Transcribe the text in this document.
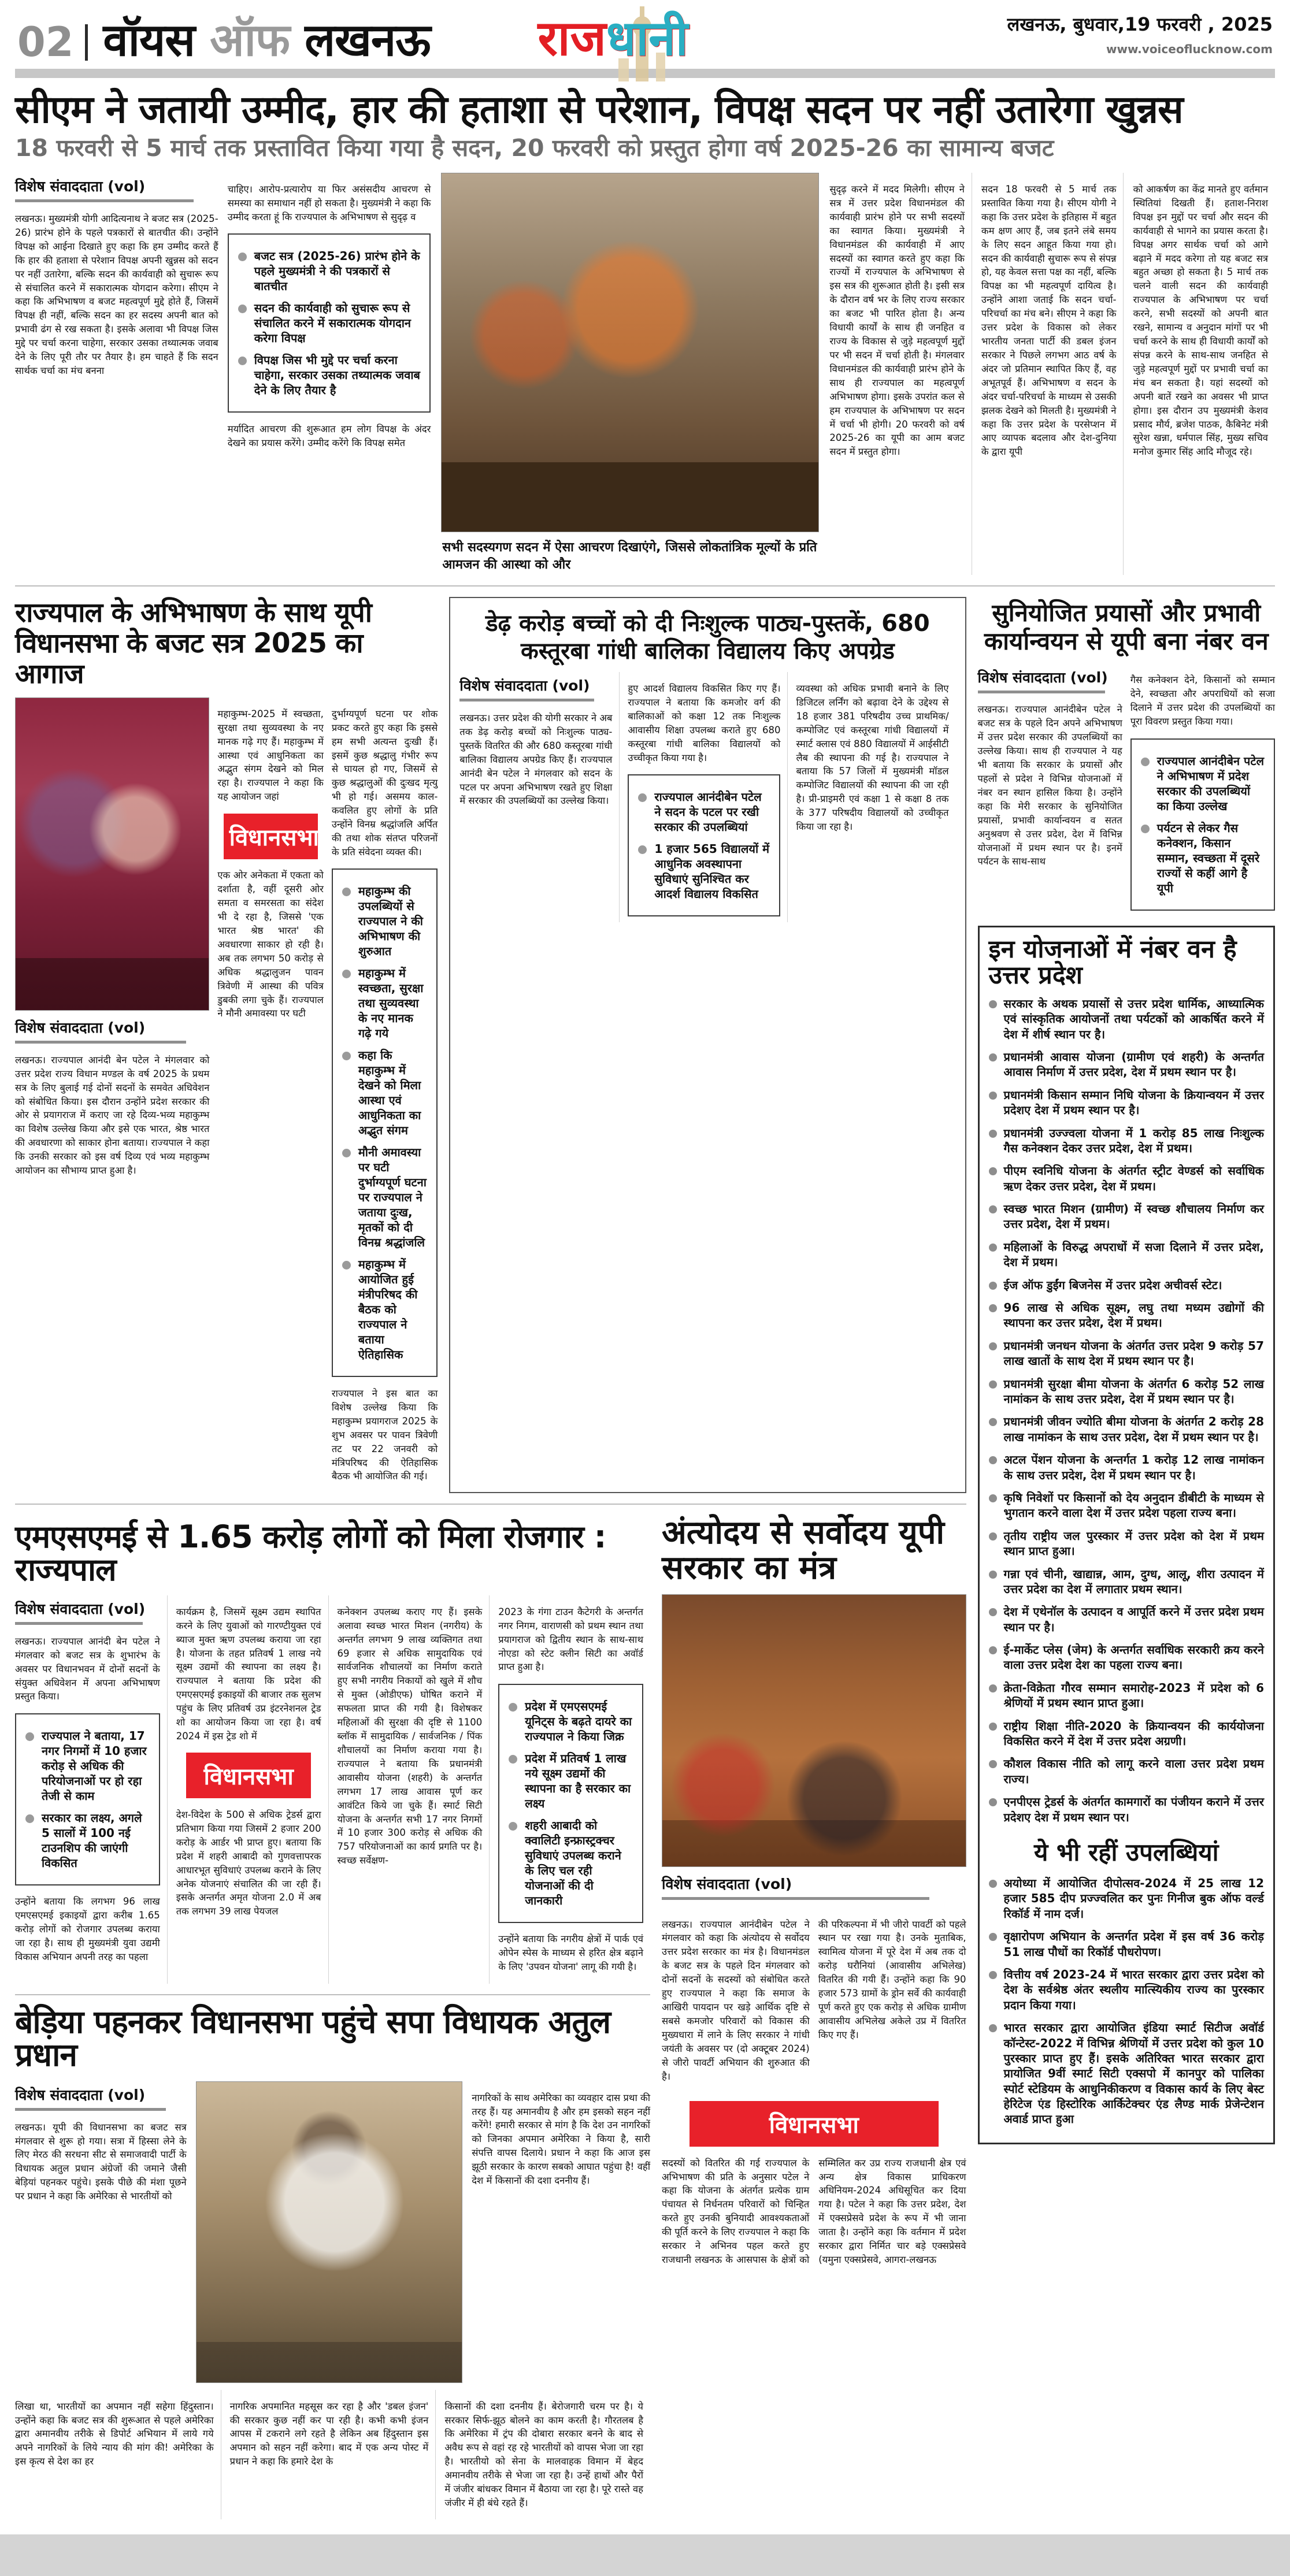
02 वॉयस ऑफ लखनऊ राजधानी	लखनऊ, बुधवार,19 फरवरी , 2025
www.voiceoflucknow.com
सीएम ने जतायी उम्मीद, हार की हताशा से परेशान, विपक्ष सदन पर नहीं उतारेगा खुन्नस
18 फरवरी से 5 मार्च तक प्रस्तावित किया गया है सदन, 20 फरवरी को प्रस्तुत होगा वर्ष 2025-26 का सामान्य बजट
विशेष संवाददाता (vol)

लखनऊ। मुख्यमंत्री योगी आदित्यनाथ ने बजट सत्र (2025-26) प्रारंभ होने के पहले पत्रकारों से बातचीत की। उन्होंने विपक्ष को आईना दिखाते हुए कहा कि हम उम्मीद करते हैं कि हार की हताशा से परेशान विपक्ष अपनी खुन्नस को सदन पर नहीं उतारेगा, बल्कि सदन की कार्यवाही को सुचारू रूप से संचालित करने में सकारात्मक योगदान करेगा। सीएम ने कहा कि अभिभाषण व बजट महत्वपूर्ण मुद्दे होते हैं, जिसमें विपक्ष ही नहीं, बल्कि सदन का हर सदस्य अपनी बात को प्रभावी ढंग से रख सकता है। इसके अलावा भी विपक्ष जिस मुद्दे पर चर्चा करना चाहेगा, सरकार उसका तथ्यात्मक जवाब देने के लिए पूरी तौर पर तैयार है। हम चाहते हैं कि सदन सार्थक चर्चा का मंच बनना

चाहिए। आरोप-प्रत्यारोप या फिर असंसदीय आचरण से समस्या का समाधान नहीं हो सकता है। मुख्यमंत्री ने कहा कि उम्मीद करता हूं कि राज्यपाल के अभिभाषण से सुदृढ़ व

बजट सत्र (2025-26) प्रारंभ होने के पहले मुख्यमंत्री ने की पत्रकारों से बातचीत
सदन की कार्यवाही को सुचारू रूप से संचालित करने में सकारात्मक योगदान करेगा विपक्ष
विपक्ष जिस भी मुद्दे पर चर्चा करना चाहेगा, सरकार उसका तथ्यात्मक जवाब देने के लिए तैयार है

मर्यादित आचरण की शुरूआत हम लोग विपक्ष के अंदर देखने का प्रयास करेंगे। उम्मीद करेंगे कि विपक्ष समेत

सभी सदस्यगण सदन में ऐसा आचरण दिखाएंगे, जिससे लोकतांत्रिक मूल्यों के प्रति आमजन की आस्था को और

सुदृढ़ करने में मदद मिलेगी। सीएम ने सत्र में उत्तर प्रदेश विधानमंडल की कार्यवाही प्रारंभ होने पर सभी सदस्यों का स्वागत किया। मुख्यमंत्री ने विधानमंडल की कार्यवाही में आए सदस्यों का स्वागत करते हुए कहा कि राज्यों में राज्यपाल के अभिभाषण से इस सत्र की शुरूआत होती है। इसी सत्र के दौरान वर्ष भर के लिए राज्य सरकार का बजट भी पारित होता है। अन्य विधायी कार्यों के साथ ही जनहित व राज्य के विकास से जुड़े महत्वपूर्ण मुद्दों पर भी सदन में चर्चा होती है। मंगलवार विधानमंडल की कार्यवाही प्रारंभ होने के साथ ही राज्यपाल का महत्वपूर्ण अभिभाषण होगा। इसके उपरांत कल से हम राज्यपाल के अभिभाषण पर सदन में चर्चा भी होगी। 20 फरवरी को वर्ष 2025-26 का यूपी का आम बजट सदन में प्रस्तुत होगा।

सदन 18 फरवरी से 5 मार्च तक प्रस्तावित किया गया है। सीएम योगी ने कहा कि उत्तर प्रदेश के इतिहास में बहुत कम क्षण आए हैं, जब इतने लंबे समय के लिए सदन आहूत किया गया हो। सदन की कार्यवाही सुचारू रूप से संपन्न हो, यह केवल सत्ता पक्ष का नहीं, बल्कि विपक्ष का भी महत्वपूर्ण दायित्व है। उन्होंने आशा जताई कि सदन चर्चा-परिचर्चा का मंच बने। सीएम ने कहा कि उत्तर प्रदेश के विकास को लेकर भारतीय जनता पार्टी की डबल इंजन सरकार ने पिछले लगभग आठ वर्ष के अंदर जो प्रतिमान स्थापित किए हैं, वह अभूतपूर्व हैं। अभिभाषण व सदन के अंदर चर्चा-परिचर्चा के माध्यम से उसकी झलक देखने को मिलती है। मुख्यमंत्री ने कहा कि उत्तर प्रदेश के परसेप्शन में आए व्यापक बदलाव और देश-दुनिया के द्वारा यूपी

को आकर्षण का केंद्र मानते हुए वर्तमान स्थितियां दिखती हैं। हताश-निराश विपक्ष इन मुद्दों पर चर्चा और सदन की कार्यवाही से भागने का प्रयास करता है। विपक्ष अगर सार्थक चर्चा को आगे बढ़ाने में मदद करेगा तो यह बजट सत्र बहुत अच्छा हो सकता है। 5 मार्च तक चलने वाली सदन की कार्यवाही राज्यपाल के अभिभाषण पर चर्चा करने, सभी सदस्यों को अपनी बात रखने, सामान्य व अनुदान मांगों पर भी चर्चा करने के साथ ही विधायी कार्यों को संपन्न करने के साथ-साथ जनहित से जुड़े महत्वपूर्ण मुद्दों पर प्रभावी चर्चा का मंच बन सकता है। यहां सदस्यों को अपनी बातें रखने का अवसर भी प्राप्त होगा। इस दौरान उप मुख्यमंत्री केशव प्रसाद मौर्य, ब्रजेश पाठक, कैबिनेट मंत्री सुरेश खन्ना, धर्मपाल सिंह, मुख्य सचिव मनोज कुमार सिंह आदि मौजूद रहे।

राज्यपाल के अभिभाषण के साथ यूपी विधानसभा के बजट सत्र 2025 का आगाज
विशेष संवाददाता (vol)

लखनऊ। राज्यपाल आनंदी बेन पटेल ने मंगलवार को उत्तर प्रदेश राज्य विधान मण्डल के वर्ष 2025 के प्रथम सत्र के लिए बुलाई गई दोनों सदनों के समवेत अधिवेशन को संबोधित किया। इस दौरान उन्होंने प्रदेश सरकार की ओर से प्रयागराज में कराए जा रहे दिव्य-भव्य महाकुम्भ का विशेष उल्लेख किया और इसे एक भारत, श्रेष्ठ भारत की अवधारणा को साकार होना बताया। राज्यपाल ने कहा कि उनकी सरकार को इस वर्ष दिव्य एवं भव्य महाकुम्भ आयोजन का सौभाग्य प्राप्त हुआ है।

महाकुम्भ-2025 में स्वच्छता, सुरक्षा तथा सुव्यवस्था के नए मानक गढ़े गए हैं। महाकुम्भ में आस्था एवं आधुनिकता का अद्भुत संगम देखने को मिल रहा है। राज्यपाल ने कहा कि यह आयोजन जहां

विधानसभा

एक ओर अनेकता में एकता को दर्शाता है, वहीं दूसरी ओर समता व समरसता का संदेश भी दे रहा है, जिससे 'एक भारत श्रेष्ठ भारत' की अवधारणा साकार हो रही है। अब तक लगभग 50 करोड़ से अधिक श्रद्धालुजन पावन त्रिवेणी में आस्था की पवित्र डुबकी लगा चुके हैं। राज्यपाल ने मौनी अमावस्या पर घटी

दुर्भाग्यपूर्ण घटना पर शोक प्रकट करते हुए कहा कि इससे हम सभी अत्यन्त दुःखी हैं। इसमें कुछ श्रद्धालु गंभीर रूप से घायल हो गए, जिसमें से कुछ श्रद्धालुओं की दुःखद मृत्यु भी हो गई। असमय काल-कवलित हुए लोगों के प्रति उन्होंने विनम्र श्रद्धांजलि अर्पित की तथा शोक संतप्त परिजनों के प्रति संवेदना व्यक्त की।

महाकुम्भ की उपलब्धियों से राज्यपाल ने की अभिभाषण की शुरुआत
महाकुम्भ में स्वच्छता, सुरक्षा तथा सुव्यवस्था के नए मानक गढ़े गये
कहा कि महाकुम्भ में देखने को मिला आस्था एवं आधुनिकता का अद्भुत संगम
मौनी अमावस्या पर घटी दुर्भाग्यपूर्ण घटना पर राज्यपाल ने जताया दुःख, मृतकों को दी विनम्र श्रद्धांजलि
महाकुम्भ में आयोजित हुई मंत्रीपरिषद की बैठक को राज्यपाल ने बताया ऐतिहासिक

राज्यपाल ने इस बात का विशेष उल्लेख किया कि महाकुम्भ प्रयागराज 2025 के शुभ अवसर पर पावन त्रिवेणी तट पर 22 जनवरी को मंत्रिपरिषद की ऐतिहासिक बैठक भी आयोजित की गई।

डेढ़ करोड़ बच्चों को दी निःशुल्क पाठ्य-पुस्तकें, 680 कस्तूरबा गांधी बालिका विद्यालय किए अपग्रेड
विशेष संवाददाता (vol)

लखनऊ। उत्तर प्रदेश की योगी सरकार ने अब तक डेढ़ करोड़ बच्चों को निःशुल्क पाठ्य-पुस्तकें वितरित की और 680 कस्तूरबा गांधी बालिका विद्यालय अपग्रेड किए हैं। राज्यपाल आनंदी बेन पटेल ने मंगलवार को सदन के पटल पर अपना अभिभाषण रखते हुए शिक्षा में सरकार की उपलब्धियों का उल्लेख किया।

हुए आदर्श विद्यालय विकसित किए गए हैं। राज्यपाल ने बताया कि कमजोर वर्ग की बालिकाओं को कक्षा 12 तक निःशुल्क आवासीय शिक्षा उपलब्ध कराते हुए 680 कस्तूरबा गांधी बालिका विद्यालयों को उच्चीकृत किया गया है।

राज्यपाल आनंदीबेन पटेल ने सदन के पटल पर रखी सरकार की उपलब्धियां
1 हजार 565 विद्यालयों में आधुनिक अवस्थापना सुविधाएं सुनिश्चित कर आदर्श विद्यालय विकसित

व्यवस्था को अधिक प्रभावी बनाने के लिए डिजिटल लर्निंग को बढ़ावा देने के उद्देश्य से 18 हजार 381 परिषदीय उच्च प्राथमिक/कम्पोजिट एवं कस्तूरबा गांधी विद्यालयों में स्मार्ट क्लास एवं 880 विद्यालयों में आईसीटी लैब की स्थापना की गई है। राज्यपाल ने बताया कि 57 जिलों में मुख्यमंत्री मॉडल कम्पोजिट विद्यालयों की स्थापना की जा रही है। प्री-प्राइमरी एवं कक्षा 1 से कक्षा 8 तक के 377 परिषदीय विद्यालयों को उच्चीकृत किया जा रहा है।

एमएसएमई से 1.65 करोड़ लोगों को मिला रोजगार : राज्यपाल
विशेष संवाददाता (vol)

लखनऊ। राज्यपाल आनंदी बेन पटेल ने मंगलवार को बजट सत्र के शुभारंभ के अवसर पर विधानभवन में दोनों सदनों के संयुक्त अधिवेशन में अपना अभिभाषण प्रस्तुत किया।

राज्यपाल ने बताया, 17 नगर निगमों में 10 हजार करोड़ से अधिक की परियोजनाओं पर हो रहा तेजी से काम
सरकार का लक्ष्य, अगले 5 सालों में 100 नई टाउनशिप की जाएंगी विकसित

उन्होंने बताया कि लगभग 96 लाख एमएसएमई इकाइयों द्वारा करीब 1.65 करोड़ लोगों को रोजगार उपलब्ध कराया जा रहा है। साथ ही मुख्यमंत्री युवा उद्यमी विकास अभियान अपनी तरह का पहला

कार्यक्रम है, जिसमें सूक्ष्म उद्यम स्थापित करने के लिए युवाओं को गारण्टीयुक्त एवं ब्याज मुक्त ऋण उपलब्ध कराया जा रहा है। योजना के तहत प्रतिवर्ष 1 लाख नये सूक्ष्म उद्यमों की स्थापना का लक्ष्य है। राज्यपाल ने बताया कि प्रदेश की एमएसएमई इकाइयों की बाजार तक सुलभ पहुंच के लिए प्रतिवर्ष उप्र इंटरनेशनल ट्रेड शो का आयोजन किया जा रहा है। वर्ष 2024 में इस ट्रेड शो में

विधानसभा

देश-विदेश के 500 से अधिक ट्रेडर्स द्वारा प्रतिभाग किया गया जिसमें 2 हजार 200 करोड़ के आर्डर भी प्राप्त हुए। बताया कि प्रदेश में शहरी आबादी को गुणवत्तापरक आधारभूत सुविधाएं उपलब्ध कराने के लिए अनेक योजनाएं संचालित की जा रही हैं। इसके अन्तर्गत अमृत योजना 2.0 में अब तक लगभग 39 लाख पेयजल

कनेक्शन उपलब्ध कराए गए हैं। इसके अलावा स्वच्छ भारत मिशन (नगरीय) के अन्तर्गत लगभग 9 लाख व्यक्तिगत तथा 69 हजार से अधिक सामुदायिक एवं सार्वजनिक शौचालयों का निर्माण कराते हुए सभी नगरीय निकायों को खुले में शौच से मुक्त (ओडीएफ) घोषित कराने में सफलता प्राप्त की गयी है। विशेषकर महिलाओं की सुरक्षा की दृष्टि से 1100 ब्लॉक में सामुदायिक / सार्वजनिक / पिंक शौचालयों का निर्माण कराया गया है। राज्यपाल ने बताया कि प्रधानमंत्री आवासीय योजना (शहरी) के अन्तर्गत लगभग 17 लाख आवास पूर्ण कर आवंटित किये जा चुके हैं। स्मार्ट सिटी योजना के अन्तर्गत सभी 17 नगर निगमों में 10 हजार 300 करोड़ से अधिक की 757 परियोजनाओं का कार्य प्रगति पर है। स्वच्छ सर्वेक्षण-

2023 के गंगा टाउन कैटेगरी के अन्तर्गत नगर निगम, वाराणसी को प्रथम स्थान तथा प्रयागराज को द्वितीय स्थान के साथ-साथ नोएडा को स्टेट क्लीन सिटी का अवॉर्ड प्राप्त हुआ है।

प्रदेश में एमएसएमई यूनिट्स के बढ़ते दायरे का राज्यपाल ने किया जिक्र
प्रदेश में प्रतिवर्ष 1 लाख नये सूक्ष्म उद्यमों की स्थापना का है सरकार का लक्ष्य
शहरी आबादी को क्वालिटी इन्फ्रास्ट्रक्चर सुविधाएं उपलब्ध कराने के लिए चल रही योजनाओं की दी जानकारी

उन्होंने बताया कि नगरीय क्षेत्रों में पार्क एवं ओपेन स्पेस के माध्यम से हरित क्षेत्र बढ़ाने के लिए 'उपवन योजना' लागू की गयी है।

बेड़िया पहनकर विधानसभा पहुंचे सपा विधायक अतुल प्रधान
विशेष संवाददाता (vol)

लखनऊ। यूपी की विधानसभा का बजट सत्र मंगलवार से शुरू हो गया। सत्रा में हिस्सा लेने के लिए मेरठ की सरधना सीट से समाजवादी पार्टी के विधायक अतुल प्रधान अंग्रेजों की जमाने जैसी बेड़ियां पहनकर पहुंचे। इसके पीछे की मंशा पूछने पर प्रधान ने कहा कि अमेरिका से भारतीयों को

नागरिकों के साथ अमेरिका का व्यवहार दास प्रथा की तरह हैं। यह अमानवीय है और हम इसको सहन नहीं करेंगे! हमारी सरकार से मांग है कि देश उन नागरिकों को जिनका अपमान अमेरिका ने किया है, सारी संपत्ति वापस दिलाये। प्रधान ने कहा कि आज इस झूठी सरकार के कारण सबको आघात पहुंचा है! वहीं देश में किसानों की दशा दननीय हैं।

लिखा था, भारतीयों का अपमान नहीं सहेगा हिंदुस्तान। उन्होंने कहा कि बजट सत्र की शुरूआत से पहले अमेरिका द्वारा अमानवीय तरीके से डिपोर्ट अभियान में लाये गये अपने नागरिकों के लिये न्याय की मांग की! अमेरिका के इस कृत्य से देश का हर

नागरिक अपमानित महसूस कर रहा है और 'डबल इंजन' की सरकार कुछ नहीं कर पा रही है। कभी कभी इंजन आपस में टकराने लगे रहते है लेकिन अब हिंदुस्तान इस अपमान को सहन नहीं करेगा। बाद में एक अन्य पोस्ट में प्रधान ने कहा कि हमारे देश के

किसानों की दशा दननीय हैं। बेरोजगारी चरम पर है। ये सरकार सिर्फ-झूठ बोलने का काम करती है। गौरतलब है कि अमेरिका में ट्रंप की दोबारा सरकार बनने के बाद से अवैध रूप से वहां रह रहे भारतीयों को वापस भेजा जा रहा है। भारतीयो को सेना के मालवाहक विमान में बेहद अमानवीय तरीके से भेजा जा रहा है। उन्हें हाथों और पैरों में जंजीर बांधकर विमान में बैठाया जा रहा है। पूरे रास्ते वह जंजीर में ही बंधे रहते हैं।

अंत्योदय से सर्वोदय यूपी सरकार का मंत्र
विशेष संवाददाता (vol)

लखनऊ। राज्यपाल आनंदीबेन पटेल ने मंगलवार को कहा कि अंत्योदय से सर्वोदय उत्तर प्रदेश सरकार का मंत्र है। विधानमंडल के बजट सत्र के पहले दिन मंगलवार को दोनों सदनों के सदस्यों को संबोधित करते हुए राज्यपाल ने कहा कि समाज के आखिरी पायदान पर खड़े आर्थिक दृष्टि से सबसे कमजोर परिवारों को विकास की मुख्यधारा में लाने के लिए सरकार ने गांधी जयंती के अवसर पर (दो अक्टूबर 2024) से जीरो पावर्टी अभियान की शुरुआत की है।

की परिकल्पना में भी जीरो पावर्टी को पहले स्थान पर रखा गया है। उनके मुताबिक, स्वामित्व योजना में पूरे देश में अब तक दो करोड़ घरौनियां (आवासीय अभिलेख) वितरित की गयी हैं। उन्होंने कहा कि 90 हजार 573 ग्रामों के ड्रोन सर्वे की कार्यवाही पूर्ण करते हुए एक करोड़ से अधिक ग्रामीण आवासीय अभिलेख अकेले उप्र में वितरित किए गए हैं।

विधानसभा

सदस्यों को वितरित की गई राज्यपाल के अभिभाषण की प्रति के अनुसार पटेल ने कहा कि योजना के अंतर्गत प्रत्येक ग्राम पंचायत से निर्धनतम परिवारों को चिन्हित करते हुए उनकी बुनियादी आवश्यकताओं की पूर्ति करने के लिए राज्यपाल ने कहा कि सरकार ने अभिनव पहल करते हुए राजधानी लखनऊ के आसपास के क्षेत्रों को सम्मिलित कर उप्र राज्य राजधानी क्षेत्र एवं अन्य क्षेत्र विकास प्राधिकरण अधिनियम-2024 अधिसूचित कर दिया गया है। पटेल ने कहा कि उत्तर प्रदेश, देश में एक्सप्रेसवे प्रदेश के रूप में भी जाना जाता है। उन्होंने कहा कि वर्तमान में प्रदेश सरकार द्वारा निर्मित चार बड़े एक्सप्रेसवे (यमुना एक्सप्रेसवे, आगरा-लखनऊ

सुनियोजित प्रयासों और प्रभावी कार्यान्वयन से यूपी बना नंबर वन
विशेष संवाददाता (vol)

लखनऊ। राज्यपाल आनंदीबेन पटेल ने बजट सत्र के पहले दिन अपने अभिभाषण में उत्तर प्रदेश सरकार की उपलब्धियों का उल्लेख किया। साथ ही राज्यपाल ने यह भी बताया कि सरकार के प्रयासों और पहलों से प्रदेश ने विभिन्न योजनाओं में नंबर वन स्थान हासिल किया है। उन्होंने कहा कि मेरी सरकार के सुनियोजित प्रयासों, प्रभावी कार्यान्वयन व सतत अनुश्रवण से उत्तर प्रदेश, देश में विभिन्न योजनाओं में प्रथम स्थान पर है। इनमें पर्यटन के साथ-साथ

गैस कनेक्शन देने, किसानों को सम्मान देने, स्वच्छता और अपराधियों को सजा दिलाने में उत्तर प्रदेश की उपलब्धियों का पूरा विवरण प्रस्तुत किया गया।

राज्यपाल आनंदीबेन पटेल ने अभिभाषण में प्रदेश सरकार की उपलब्धियों का किया उल्लेख
पर्यटन से लेकर गैस कनेक्शन, किसान सम्मान, स्वच्छता में दूसरे राज्यों से कहीं आगे है यूपी
इन योजनाओं में नंबर वन है उत्तर प्रदेश
सरकार के अथक प्रयासों से उत्तर प्रदेश धार्मिक, आध्यात्मिक एवं सांस्कृतिक आयोजनों तथा पर्यटकों को आकर्षित करने में देश में शीर्ष स्थान पर है।
प्रधानमंत्री आवास योजना (ग्रामीण एवं शहरी) के अन्तर्गत आवास निर्माण में उत्तर प्रदेश, देश में प्रथम स्थान पर है।
प्रधानमंत्री किसान सम्मान निधि योजना के क्रियान्वयन में उत्तर प्रदेशए देश में प्रथम स्थान पर है।
प्रधानमंत्री उज्ज्वला योजना में 1 करोड़ 85 लाख निःशुल्क गैस कनेक्शन देकर उत्तर प्रदेश, देश में प्रथम।
पीएम स्वनिधि योजना के अंतर्गत स्ट्रीट वेण्डर्स को सर्वाधिक ऋण देकर उत्तर प्रदेश, देश में प्रथम।
स्वच्छ भारत मिशन (ग्रामीण) में स्वच्छ शौचालय निर्माण कर उत्तर प्रदेश, देश में प्रथम।
महिलाओं के विरुद्ध अपराधों में सजा दिलाने में उत्तर प्रदेश, देश में प्रथम।
ईज ऑफ डुईंग बिजनेस में उत्तर प्रदेश अचीवर्स स्टेट।
96 लाख से अधिक सूक्ष्म, लघु तथा मध्यम उद्योगों की स्थापना कर उत्तर प्रदेश, देश में प्रथम।
प्रधानमंत्री जनधन योजना के अंतर्गत उत्तर प्रदेश 9 करोड़ 57 लाख खातों के साथ देश में प्रथम स्थान पर है।
प्रधानमंत्री सुरक्षा बीमा योजना के अंतर्गत 6 करोड़ 52 लाख नामांकन के साथ उत्तर प्रदेश, देश में प्रथम स्थान पर है।
प्रधानमंत्री जीवन ज्योति बीमा योजना के अंतर्गत 2 करोड़ 28 लाख नामांकन के साथ उत्तर प्रदेश, देश में प्रथम स्थान पर है।
अटल पेंशन योजना के अन्तर्गत 1 करोड़ 12 लाख नामांकन के साथ उत्तर प्रदेश, देश में प्रथम स्थान पर है।
कृषि निवेशों पर किसानों को देय अनुदान डीबीटी के माध्यम से भुगतान करने वाला देश में उत्तर प्रदेश पहला राज्य बना।
तृतीय राष्ट्रीय जल पुरस्कार में उत्तर प्रदेश को देश में प्रथम स्थान प्राप्त हुआ।
गन्ना एवं चीनी, खाद्यान्न, आम, दुग्ध, आलू, शीरा उत्पादन में उत्तर प्रदेश का देश में लगातार प्रथम स्थान।
देश में एथेनॉल के उत्पादन व आपूर्ति करने में उत्तर प्रदेश प्रथम स्थान पर है।
ई-मार्केट प्लेस (जेम) के अन्तर्गत सर्वाधिक सरकारी क्रय करने वाला उत्तर प्रदेश देश का पहला राज्य बना।
क्रेता-विक्रेता गौरव सम्मान समारोह-2023 में प्रदेश को 6 श्रेणियों में प्रथम स्थान प्राप्त हुआ।
राष्ट्रीय शिक्षा नीति-2020 के क्रियान्वयन की कार्ययोजना विकसित करने में देश में उत्तर प्रदेश अग्रणी।
कौशल विकास नीति को लागू करने वाला उत्तर प्रदेश प्रथम राज्य।
एनपीएस ट्रेडर्स के अंतर्गत कामगारों का पंजीयन कराने में उत्तर प्रदेशए देश में प्रथम स्थान पर।
ये भी रहीं उपलब्धियां
अयोध्या में आयोजित दीपोत्सव-2024 में 25 लाख 12 हजार 585 दीप प्रज्ज्वलित कर पुनः गिनीज बुक ऑफ वर्ल्ड रिकॉर्ड में नाम दर्ज।
वृक्षारोपण अभियान के अन्तर्गत प्रदेश में इस वर्ष 36 करोड़ 51 लाख पौधों का रिकॉर्ड पौधरोपण।
वित्तीय वर्ष 2023-24 में भारत सरकार द्वारा उत्तर प्रदेश को देश के सर्वश्रेष्ठ अंतर स्थलीय मात्स्यिकीय राज्य का पुरस्कार प्रदान किया गया।
भारत सरकार द्वारा आयोजित इंडिया स्मार्ट सिटीज अवॉर्ड कॉन्टेस्ट-2022 में विभिन्न श्रेणियों में उत्तर प्रदेश को कुल 10 पुरस्कार प्राप्त हुए हैं। इसके अतिरिक्त भारत सरकार द्वारा प्रायोजित 9वीं स्मार्ट सिटी एक्सपो में कानपुर को पालिका स्पोर्ट स्टेडियम के आधुनिकीकरण व विकास कार्य के लिए बेस्ट हेरिटेज एंड हिस्टोरिक आर्किटेक्चर एंड लैण्ड मार्क प्रेजेन्टेशन अवार्ड प्राप्त हुआ
